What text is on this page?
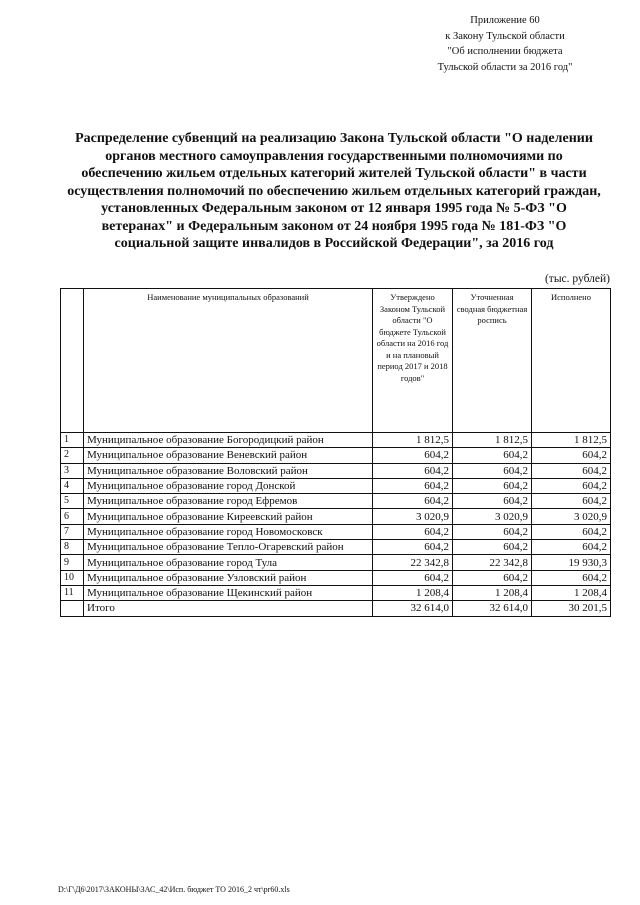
Приложение 60
к Закону Тульской области
"Об исполнении бюджета
Тульской области за 2016 год"
Распределение субвенций на реализацию Закона Тульской области "О наделении
органов местного самоуправления государственными полномочиями по
обеспечению жильем отдельных категорий жителей Тульской области" в части
осуществления полномочий по обеспечению жильем отдельных категорий граждан,
установленных Федеральным законом от 12 января 1995 года № 5-ФЗ "О
ветеранах" и Федеральным законом от 24 ноября 1995 года № 181-ФЗ "О
социальной защите инвалидов в Российской Федерации", за 2016 год
(тыс. рублей)
	Наименование муниципальных образований	Утверждено Законом Тульской области "О бюджете Тульской области на 2016 год и на плановый период 2017 и 2018 годов"	Уточненная сводная бюджетная роспись	Исполнено
1	Муниципальное образование Богородицкий район	1 812,5	1 812,5	1 812,5
2	Муниципальное образование Веневский район	604,2	604,2	604,2
3	Муниципальное образование Воловский район	604,2	604,2	604,2
4	Муниципальное образование город Донской	604,2	604,2	604,2
5	Муниципальное образование город Ефремов	604,2	604,2	604,2
6	Муниципальное образование Киреевский район	3 020,9	3 020,9	3 020,9
7	Муниципальное образование город Новомосковск	604,2	604,2	604,2
8	Муниципальное образование Тепло-Огаревский район	604,2	604,2	604,2
9	Муниципальное образование город Тула	22 342,8	22 342,8	19 930,3
10	Муниципальное образование Узловский район	604,2	604,2	604,2
11	Муниципальное образование Щекинский район	1 208,4	1 208,4	1 208,4
	Итого	32 614,0	32 614,0	30 201,5
D:\Г\Д6\2017\ЗАКОНЫ\ЗАС_42\Исп. бюджет ТО 2016_2 чт\pr60.xls
